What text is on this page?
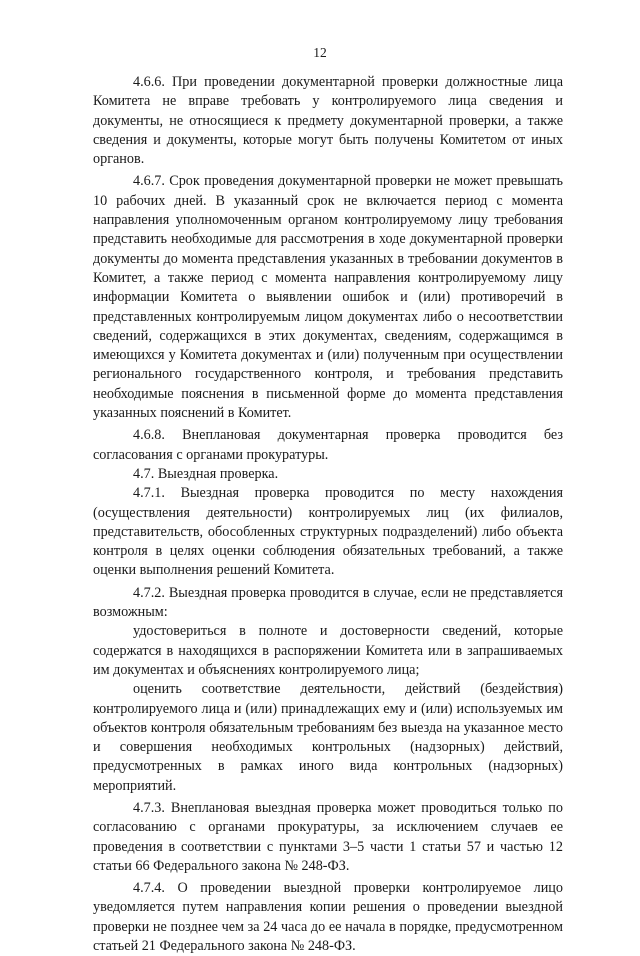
12

4.6.6. При проведении документарной проверки должностные лица Комитета не вправе требовать у контролируемого лица сведения и документы, не относящиеся к предмету документарной проверки, а также сведения и документы, которые могут быть получены Комитетом от иных органов.

4.6.7. Срок проведения документарной проверки не может превышать 10 рабочих дней. В указанный срок не включается период с момента направления уполномоченным органом контролируемому лицу требования представить необходимые для рассмотрения в ходе документарной проверки документы до момента представления указанных в требовании документов в Комитет, а также период с момента направления контролируемому лицу информации Комитета о выявлении ошибок и (или) противоречий в представленных контролируемым лицом документах либо о несоответствии сведений, содержащихся в этих документах, сведениям, содержащимся в имеющихся у Комитета документах и (или) полученным при осуществлении регионального государственного контроля, и требования представить необходимые пояснения в письменной форме до момента представления указанных пояснений в Комитет.

4.6.8. Внеплановая документарная проверка проводится без согласования с органами прокуратуры.

4.7. Выездная проверка.

4.7.1. Выездная проверка проводится по месту нахождения (осуществления деятельности) контролируемых лиц (их филиалов, представительств, обособленных структурных подразделений) либо объекта контроля в целях оценки соблюдения обязательных требований, а также оценки выполнения решений Комитета.

4.7.2. Выездная проверка проводится в случае, если не представляется возможным:

удостовериться в полноте и достоверности сведений, которые содержатся в находящихся в распоряжении Комитета или в запрашиваемых им документах и объяснениях контролируемого лица;

оценить соответствие деятельности, действий (бездействия) контролируемого лица и (или) принадлежащих ему и (или) используемых им объектов контроля обязательным требованиям без выезда на указанное место и совершения необходимых контрольных (надзорных) действий, предусмотренных в рамках иного вида контрольных (надзорных) мероприятий.

4.7.3. Внеплановая выездная проверка может проводиться только по согласованию с органами прокуратуры, за исключением случаев ее проведения в соответствии с пунктами 3–5 части 1 статьи 57 и частью 12 статьи 66 Федерального закона № 248-ФЗ.

4.7.4. О проведении выездной проверки контролируемое лицо уведомляется путем направления копии решения о проведении выездной проверки не позднее чем за 24 часа до ее начала в порядке, предусмотренном статьей 21 Федерального закона № 248-ФЗ.
